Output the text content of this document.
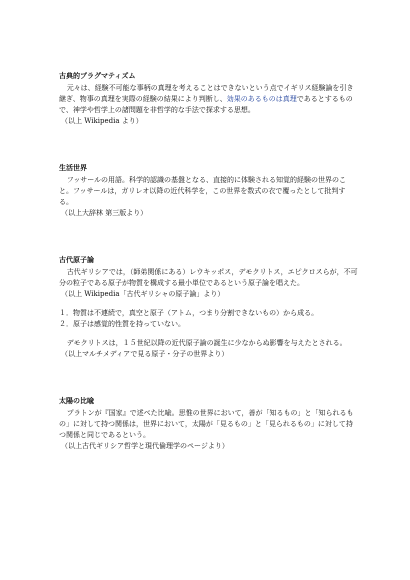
古典的プラグマティズム

元々は、経験不可能な事柄の真理を考えることはできないという点でイギリス経験論を引き継ぎ、物事の真理を実際の経験の結果により判断し、効果のあるものは真理であるとするもので、神学や哲学上の諸問題を非哲学的な手法で探求する思想。

（以上 Wikipedia より）

生活世界

フッサールの用語。科学的認識の基盤となる、直接的に体験される知覚的経験の世界のこと。フッサールは，ガリレオ以降の近代科学を，この世界を数式の衣で覆ったとして批判する。

（以上大辞林 第三版より）

古代原子論

古代ギリシアでは，（師弟関係にある）レウキッポス，デモクリトス，エピクロスらが，不可分の粒子である原子が物質を構成する最小単位であるという原子論を唱えた。

（以上 Wikipedia「古代ギリシャの原子論」より）

１．物質は不連続で，真空と原子（アトム，つまり分割できないもの）から成る。

２．原子は感覚的性質を持っていない。

デモクリトスは，１５世紀以降の近代原子論の誕生に少なからぬ影響を与えたとされる。

（以上マルチメディアで見る原子・分子の世界より）

太陽の比喩

プラトンが『国家』で述べた比喩。思惟の世界において，善が「知るもの」と「知られるもの」に対して持つ関係は，世界において，太陽が「見るもの」と「見られるもの」に対して持つ関係と同じであるという。

（以上古代ギリシア哲学と現代倫理学のページより）
